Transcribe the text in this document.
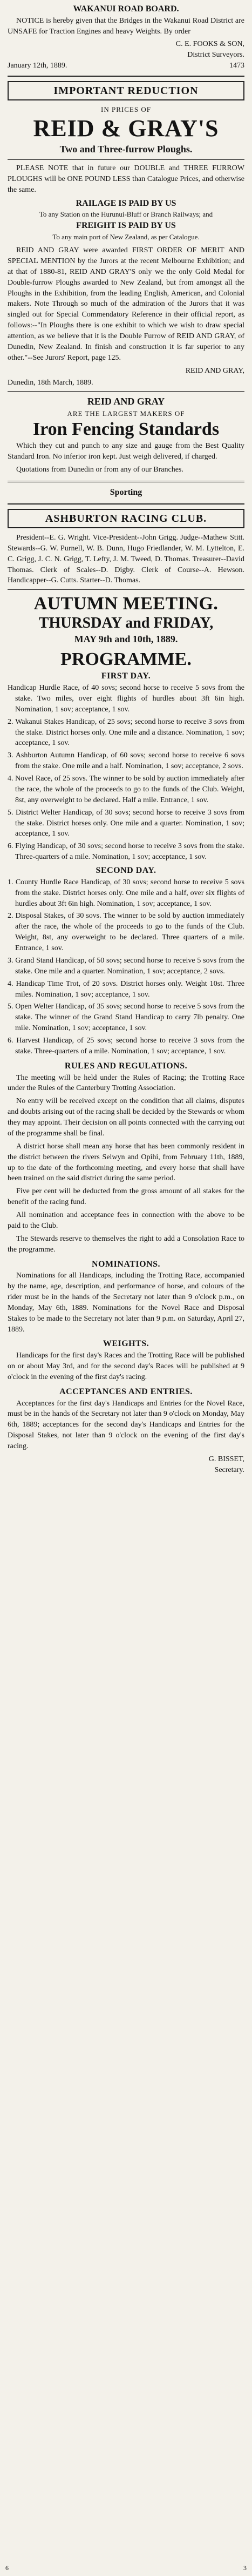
WAKANUI ROAD BOARD.
NOTICE is hereby given that the Bridges in the Wakanui Road District are UNSAFE for Traction Engines and heavy Weights. By order
C. E. FOOKS & SON,
District Surveyors.
January 12th, 1889.	1473
IMPORTANT REDUCTION
IN PRICES OF
REID & GRAY'S
Two and Three-furrow Ploughs.
PLEASE NOTE that in future our DOUBLE and THREE FURROW PLOUGHS will be ONE POUND LESS than Catalogue Prices, and otherwise the same.
RAILAGE IS PAID BY US
To any Station on the Hurunui-Bluff or Branch Railways; and
FREIGHT IS PAID BY US
To any main port of New Zealand, as per Catalogue.
REID AND GRAY were awarded FIRST ORDER OF MERIT AND SPECIAL MENTION by the Jurors at the recent Melbourne Exhibition; and at that of 1880-81, REID AND GRAY'S only we the only Gold Medal for Double-furrow Ploughs awarded to New Zealand, but from amongst all the Ploughs in the Exhibition, from the leading English, American, and Colonial makers. Note Through so much of the admiration of the Jurors that it was singled out for Special Commendatory Reference in their official report, as follows:--"In Ploughs there is one exhibit to which we wish to draw special attention, as we believe that it is the Double Furrow of REID AND GRAY, of Dunedin, New Zealand. In finish and construction it is far superior to any other."--See Jurors' Report, page 125.
REID AND GRAY,
Dunedin, 18th March, 1889.
REID AND GRAY
ARE THE LARGEST MAKERS OF
Iron Fencing Standards
Which they cut and punch to any size and gauge from the Best Quality Standard Iron. No inferior iron kept. Just weigh delivered, if charged.
Quotations from Dunedin or from any of our Branches.
Sporting
ASHBURTON RACING CLUB.
President--E. G. Wright. Vice-President--John Grigg. Judge--Mathew Stitt. Stewards--G. W. Purnell, W. B. Dunn, Hugo Friedlander, W. M. Lyttelton, E. C. Grigg, J. C. N. Grigg, T. Lefty, J. M. Tweed, D. Thomas. Treasurer--David Thomas. Clerk of Scales--D. Digby. Clerk of Course--A. Hewson. Handicapper--G. Cutts. Starter--D. Thomas.
AUTUMN MEETING.
THURSDAY and FRIDAY,
MAY 9th and 10th, 1889.
PROGRAMME.
FIRST DAY.
Handicap Hurdle Race, of 40 sovs; second horse to receive 5 sovs from the stake. Two miles, over eight flights of hurdles about 3ft 6in high. Nomination, 1 sov; acceptance, 1 sov.
2. Wakanui Stakes Handicap, of 25 sovs; second horse to receive 3 sovs from the stake. District horses only. One mile and a distance. Nomination, 1 sov; acceptance, 1 sov.
3. Ashburton Autumn Handicap, of 60 sovs; second horse to receive 6 sovs from the stake. One mile and a half. Nomination, 1 sov; acceptance, 2 sovs.
4. Novel Race, of 25 sovs. The winner to be sold by auction immediately after the race, the whole of the proceeds to go to the funds of the Club. Weight, 8st, any overweight to be declared. Half a mile. Entrance, 1 sov.
5. District Welter Handicap, of 30 sovs; second horse to receive 3 sovs from the stake. District horses only. One mile and a quarter. Nomination, 1 sov; acceptance, 1 sov.
6. Flying Handicap, of 30 sovs; second horse to receive 3 sovs from the stake. Three-quarters of a mile. Nomination, 1 sov; acceptance, 1 sov.
SECOND DAY.
1. County Hurdle Race Handicap, of 30 sovs; second horse to receive 5 sovs from the stake. District horses only. One mile and a half, over six flights of hurdles about 3ft 6in high. Nomination, 1 sov; acceptance, 1 sov.
2. Disposal Stakes, of 30 sovs. The winner to be sold by auction immediately after the race, the whole of the proceeds to go to the funds of the Club. Weight, 8st, any overweight to be declared. Three quarters of a mile. Entrance, 1 sov.
3. Grand Stand Handicap, of 50 sovs; second horse to receive 5 sovs from the stake. One mile and a quarter. Nomination, 1 sov; acceptance, 2 sovs.
4. Handicap Time Trot, of 20 sovs. District horses only. Weight 10st. Three miles. Nomination, 1 sov; acceptance, 1 sov.
5. Open Welter Handicap, of 35 sovs; second horse to receive 5 sovs from the stake. The winner of the Grand Stand Handicap to carry 7lb penalty. One mile. Nomination, 1 sov; acceptance, 1 sov.
6. Harvest Handicap, of 25 sovs; second horse to receive 3 sovs from the stake. Three-quarters of a mile. Nomination, 1 sov; acceptance, 1 sov.
RULES AND REGULATIONS.
The meeting will be held under the Rules of Racing; the Trotting Race under the Rules of the Canterbury Trotting Association.
No entry will be received except on the condition that all claims, disputes and doubts arising out of the racing shall be decided by the Stewards or whom they may appoint. Their decision on all points connected with the carrying out of the programme shall be final.
A district horse shall mean any horse that has been commonly resident in the district between the rivers Selwyn and Opihi, from February 11th, 1889, up to the date of the forthcoming meeting, and every horse that shall have been trained on the said district during the same period.
Five per cent will be deducted from the gross amount of all stakes for the benefit of the racing fund.
All nomination and acceptance fees in connection with the above to be paid to the Club.
The Stewards reserve to themselves the right to add a Consolation Race to the programme.
NOMINATIONS.
Nominations for all Handicaps, including the Trotting Race, accompanied by the name, age, description, and performance of horse, and colours of the rider must be in the hands of the Secretary not later than 9 o'clock p.m., on Monday, May 6th, 1889. Nominations for the Novel Race and Disposal Stakes to be made to the Secretary not later than 9 p.m. on Saturday, April 27, 1889.
WEIGHTS.
Handicaps for the first day's Races and the Trotting Race will be published on or about May 3rd, and for the second day's Races will be published at 9 o'clock in the evening of the first day's racing.
ACCEPTANCES AND ENTRIES.
Acceptances for the first day's Handicaps and Entries for the Novel Race, must be in the hands of the Secretary not later than 9 o'clock on Monday, May 6th, 1889; acceptances for the second day's Handicaps and Entries for the Disposal Stakes, not later than 9 o'clock on the evening of the first day's racing.
G. BISSET,
Secretary.
6	3
